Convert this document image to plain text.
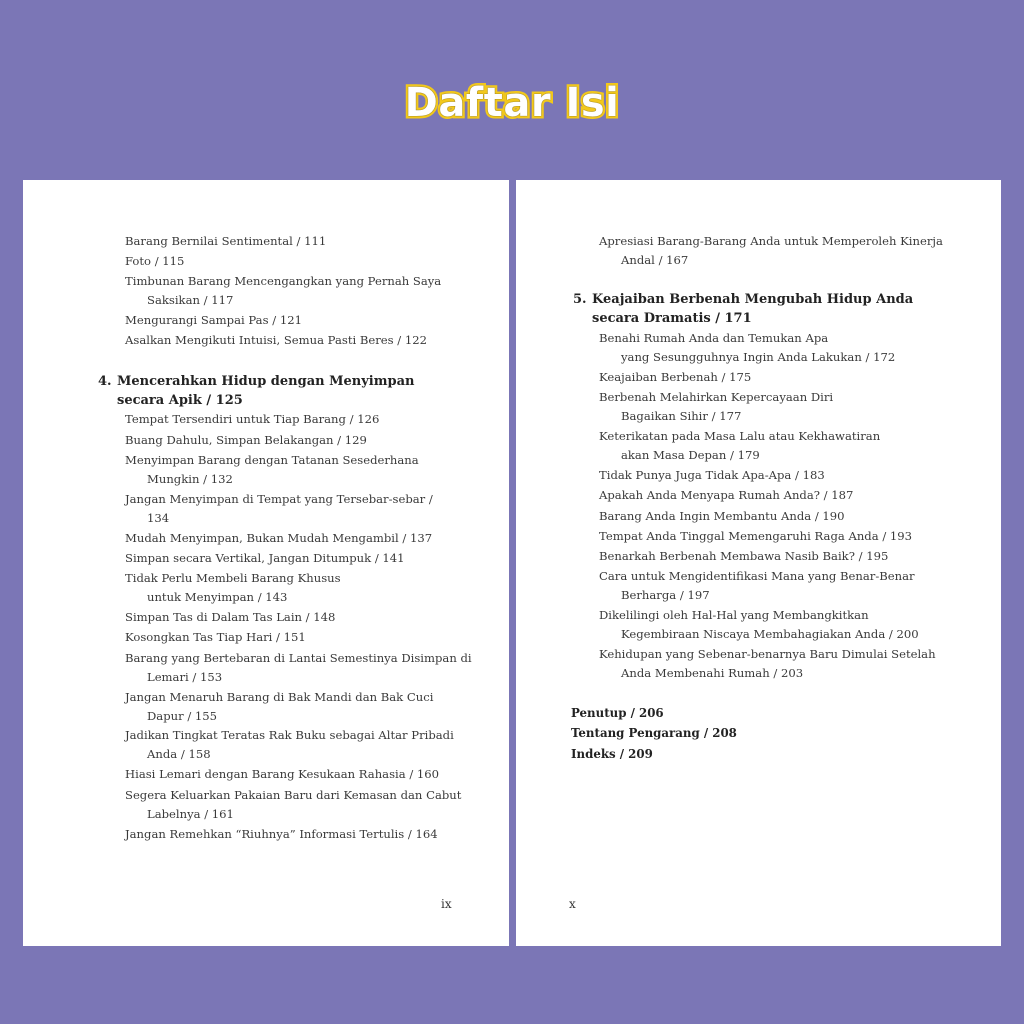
Daftar Isi
Barang Bernilai Sentimental / 111
Foto / 115
Timbunan Barang Mencengangkan yang Pernah Saya
Saksikan / 117
Mengurangi Sampai Pas / 121
Asalkan Mengikuti Intuisi, Semua Pasti Beres / 122
4. Mencerahkan Hidup dengan Menyimpan
secara Apik / 125
Tempat Tersendiri untuk Tiap Barang / 126
Buang Dahulu, Simpan Belakangan / 129
Menyimpan Barang dengan Tatanan Sesederhana
Mungkin / 132
Jangan Menyimpan di Tempat yang Tersebar-sebar /
134
Mudah Menyimpan, Bukan Mudah Mengambil / 137
Simpan secara Vertikal, Jangan Ditumpuk / 141
Tidak Perlu Membeli Barang Khusus
untuk Menyimpan / 143
Simpan Tas di Dalam Tas Lain / 148
Kosongkan Tas Tiap Hari / 151
Barang yang Bertebaran di Lantai Semestinya Disimpan di
Lemari / 153
Jangan Menaruh Barang di Bak Mandi dan Bak Cuci
Dapur / 155
Jadikan Tingkat Teratas Rak Buku sebagai Altar Pribadi
Anda / 158
Hiasi Lemari dengan Barang Kesukaan Rahasia / 160
Segera Keluarkan Pakaian Baru dari Kemasan dan Cabut
Labelnya / 161
Jangan Remehkan “Riuhnya” Informasi Tertulis / 164
ix
Apresiasi Barang-Barang Anda untuk Memperoleh Kinerja
Andal / 167
5. Keajaiban Berbenah Mengubah Hidup Anda
secara Dramatis / 171
Benahi Rumah Anda dan Temukan Apa
yang Sesungguhnya Ingin Anda Lakukan / 172
Keajaiban Berbenah / 175
Berbenah Melahirkan Kepercayaan Diri
Bagaikan Sihir / 177
Keterikatan pada Masa Lalu atau Kekhawatiran
akan Masa Depan / 179
Tidak Punya Juga Tidak Apa-Apa / 183
Apakah Anda Menyapa Rumah Anda? / 187
Barang Anda Ingin Membantu Anda / 190
Tempat Anda Tinggal Memengaruhi Raga Anda / 193
Benarkah Berbenah Membawa Nasib Baik? / 195
Cara untuk Mengidentifikasi Mana yang Benar-Benar
Berharga / 197
Dikelilingi oleh Hal-Hal yang Membangkitkan
Kegembiraan Niscaya Membahagiakan Anda / 200
Kehidupan yang Sebenar-benarnya Baru Dimulai Setelah
Anda Membenahi Rumah / 203
Penutup / 206
Tentang Pengarang / 208
Indeks / 209
x
